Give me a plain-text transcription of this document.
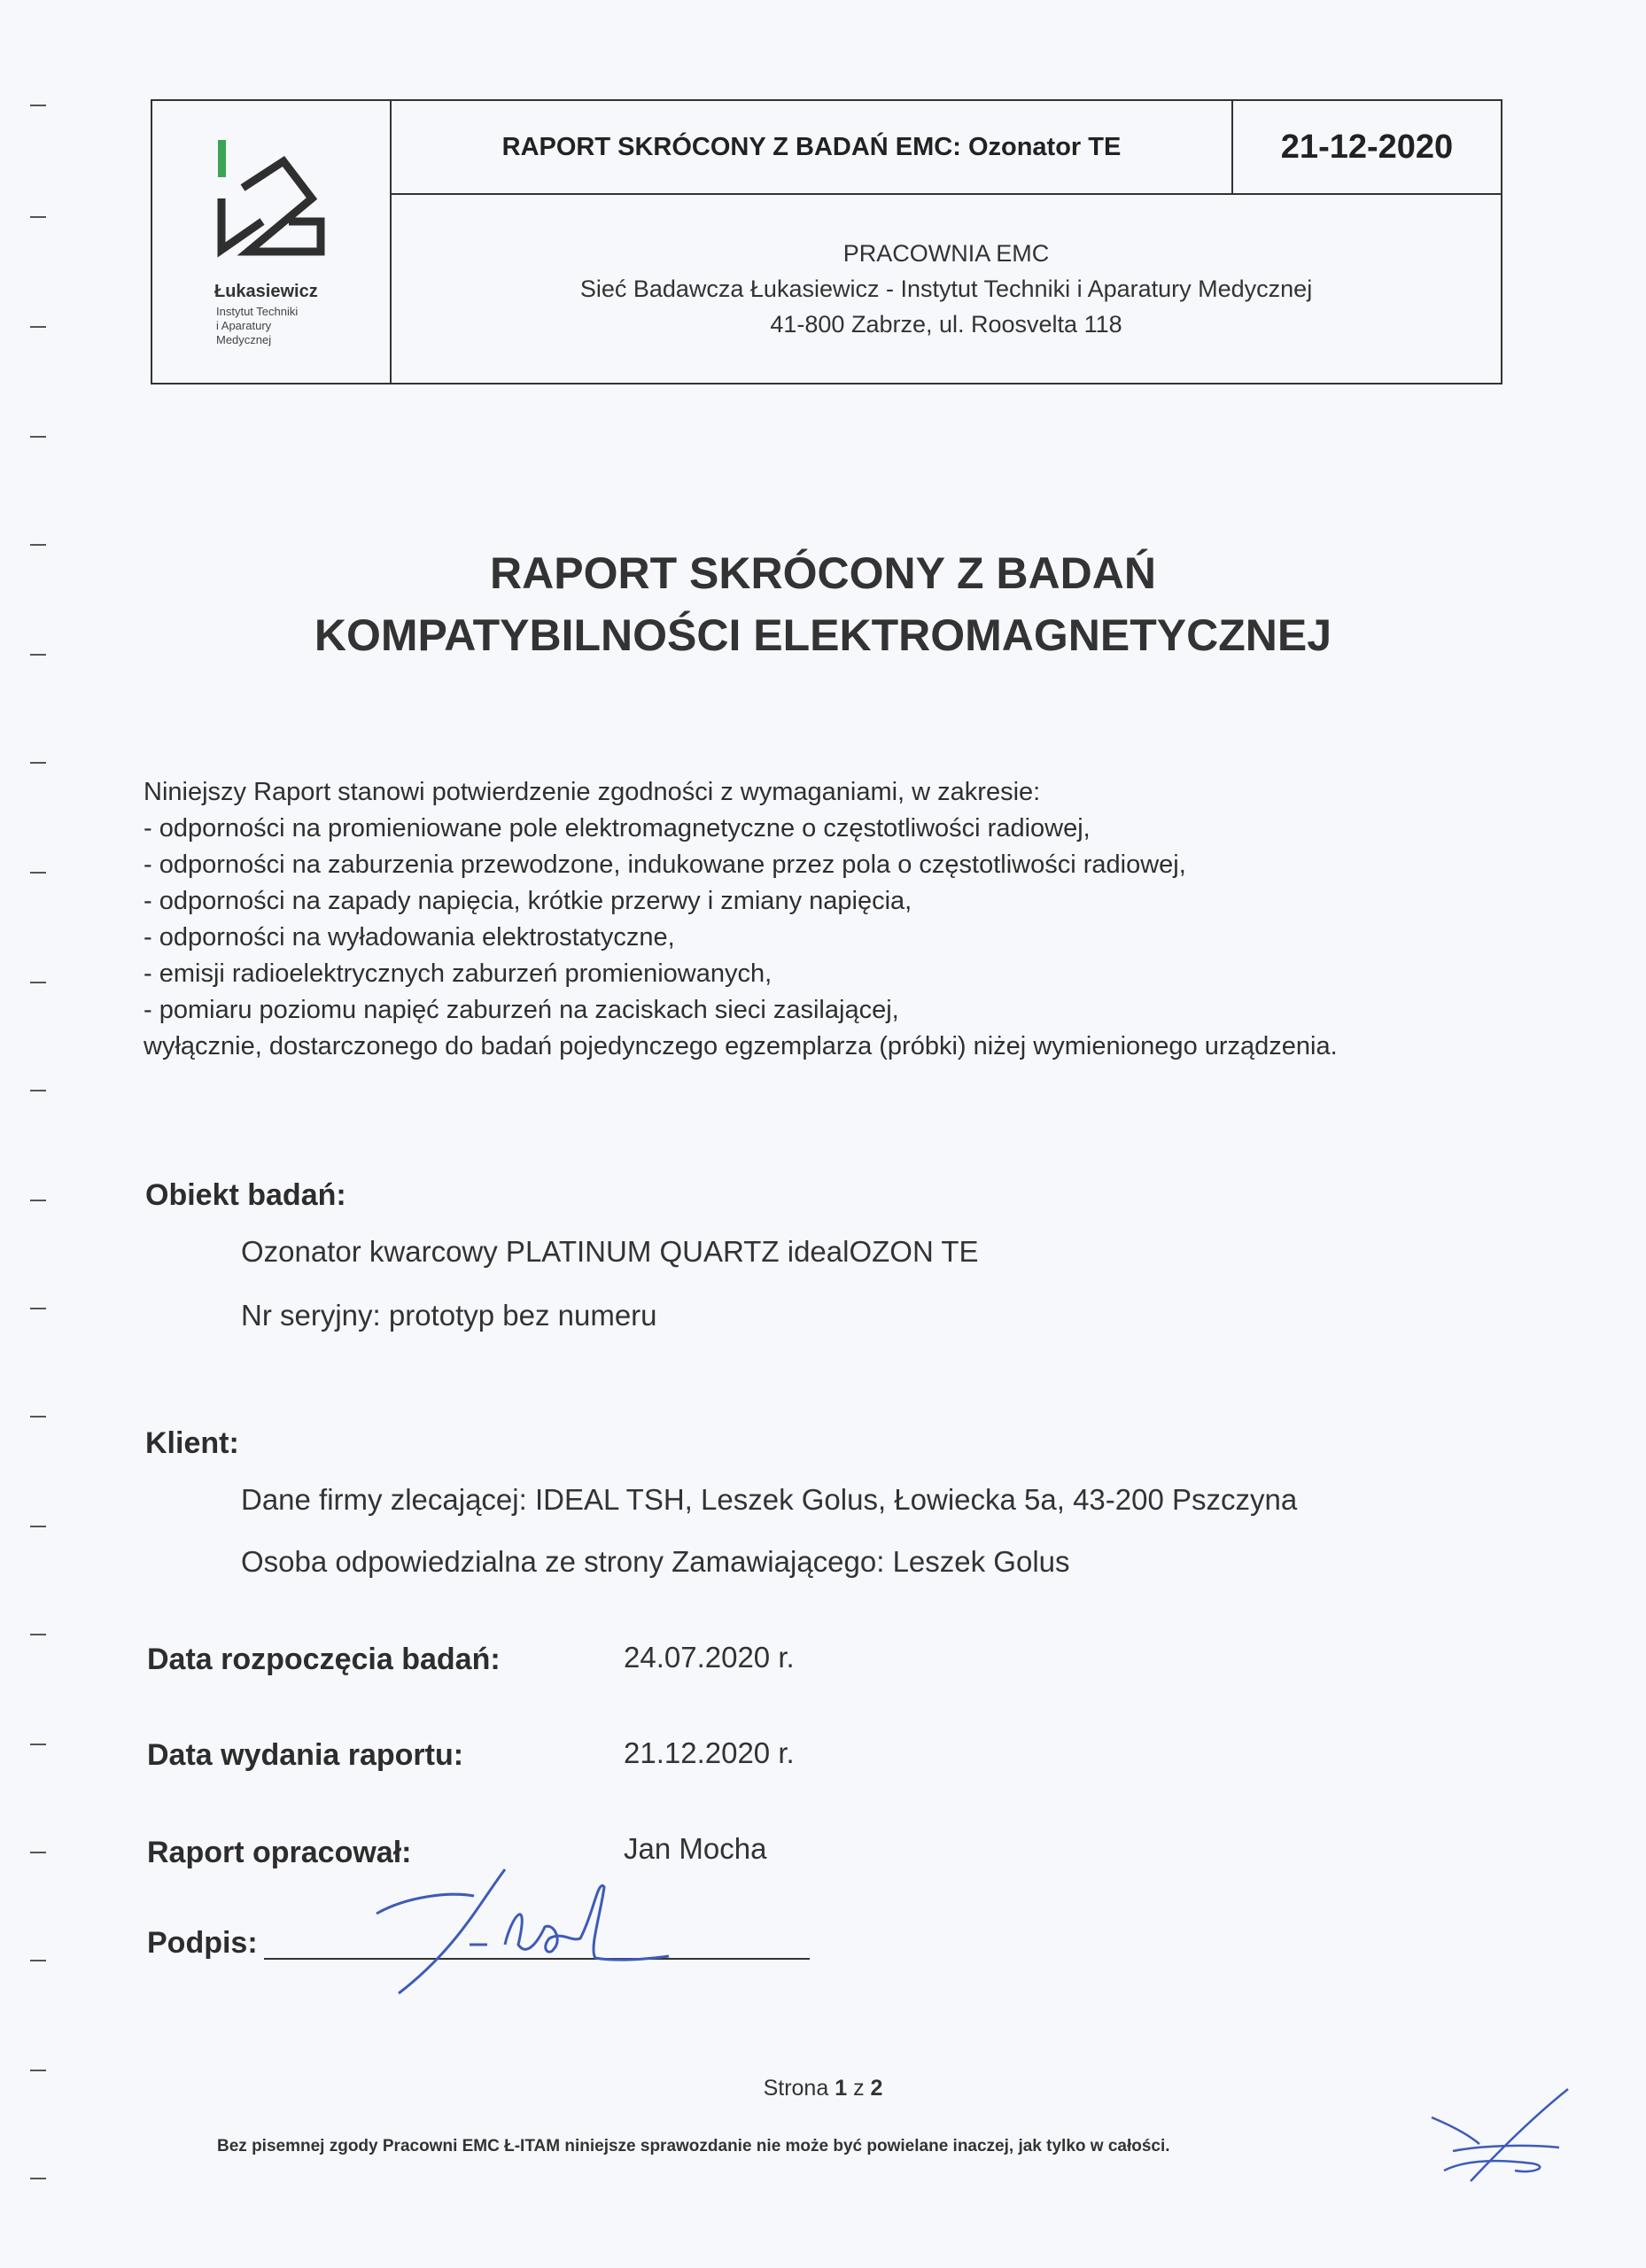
Łukasiewicz
Instytut Techniki
i Aparatury
Medycznej
RAPORT SKRÓCONY Z BADAŃ EMC: Ozonator TE	21-12-2020
PRACOWNIA EMC
Sieć Badawcza Łukasiewicz - Instytut Techniki i Aparatury Medycznej
41-800 Zabrze, ul. Roosvelta 118
RAPORT SKRÓCONY Z BADAŃ
KOMPATYBILNOŚCI ELEKTROMAGNETYCZNEJ
Niniejszy Raport stanowi potwierdzenie zgodności z wymaganiami, w zakresie:
- odporności na promieniowane pole elektromagnetyczne o częstotliwości radiowej,
- odporności na zaburzenia przewodzone, indukowane przez pola o częstotliwości radiowej,
- odporności na zapady napięcia, krótkie przerwy i zmiany napięcia,
- odporności na wyładowania elektrostatyczne,
- emisji radioelektrycznych zaburzeń promieniowanych,
- pomiaru poziomu napięć zaburzeń na zaciskach sieci zasilającej,
wyłącznie, dostarczonego do badań pojedynczego egzemplarza (próbki) niżej wymienionego urządzenia.
Obiekt badań:
Ozonator kwarcowy PLATINUM QUARTZ idealOZON TE
Nr seryjny: prototyp bez numeru
Klient:
Dane firmy zlecającej: IDEAL TSH, Leszek Golus, Łowiecka 5a, 43-200 Pszczyna
Osoba odpowiedzialna ze strony Zamawiającego: Leszek Golus
Data rozpoczęcia badań:	24.07.2020 r.
Data wydania raportu:	21.12.2020 r.
Raport opracował:	Jan Mocha
Podpis:
Strona 1 z 2
Bez pisemnej zgody Pracowni EMC Ł-ITAM niniejsze sprawozdanie nie może być powielane inaczej, jak tylko w całości.
